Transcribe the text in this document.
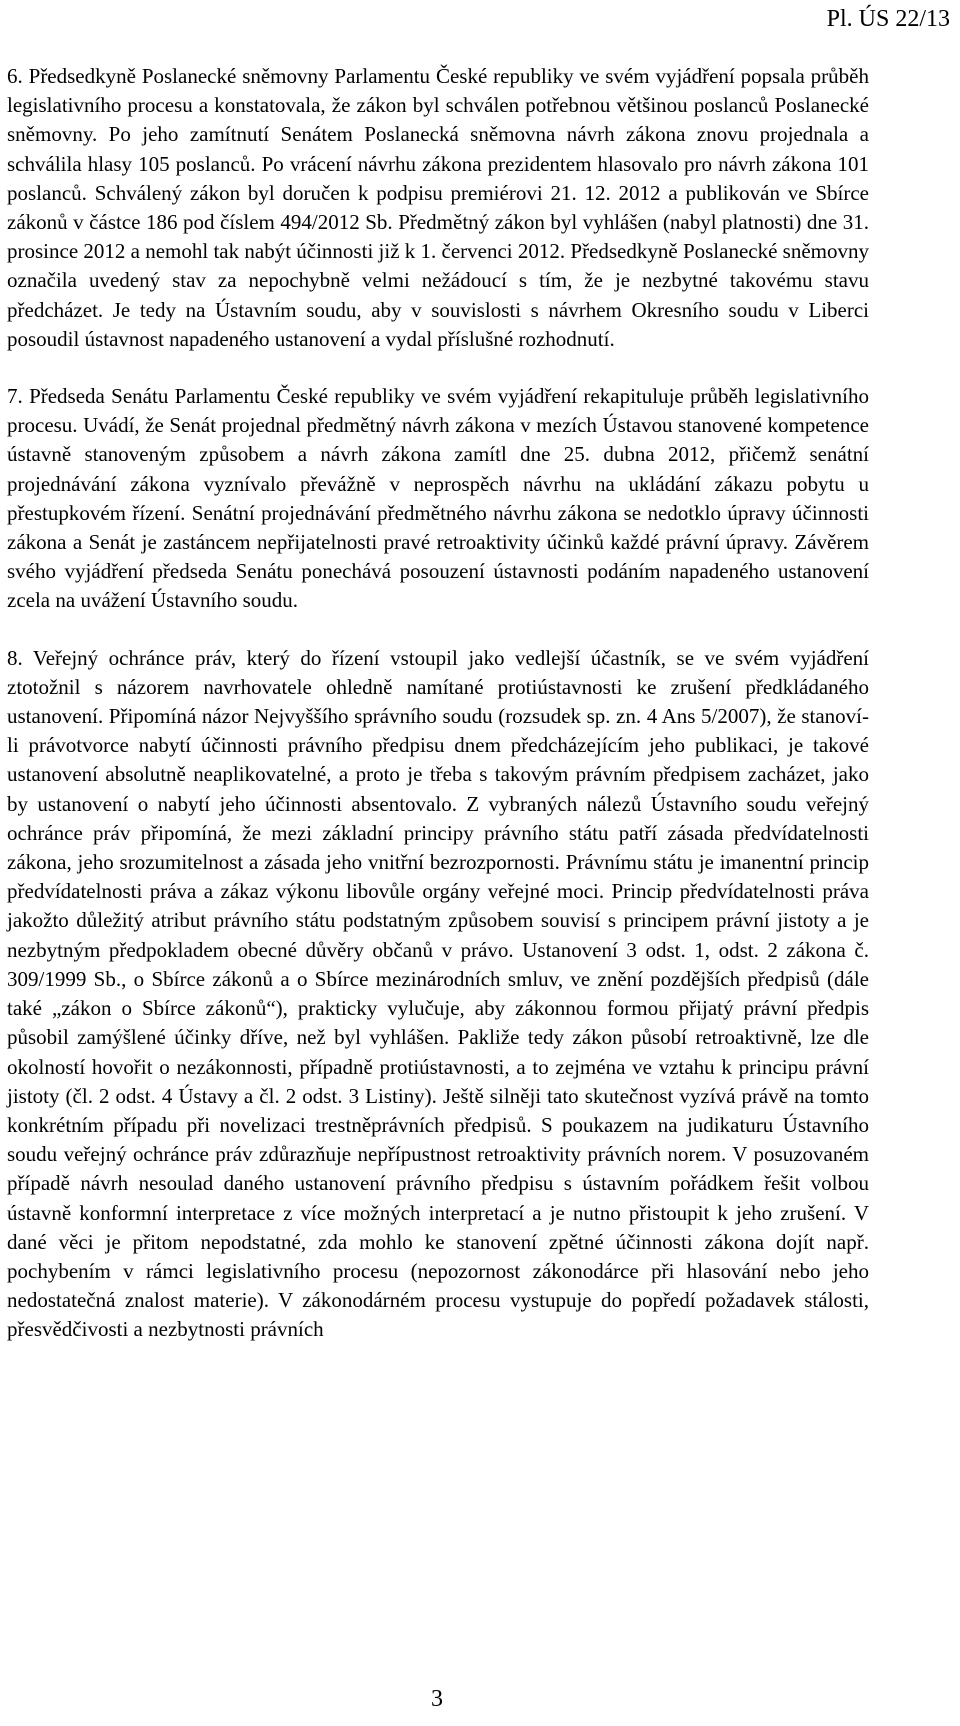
Pl. ÚS 22/13

6. Předsedkyně Poslanecké sněmovny Parlamentu České republiky ve svém vyjádření popsala průběh legislativního procesu a konstatovala, že zákon byl schválen potřebnou většinou poslanců Poslanecké sněmovny. Po jeho zamítnutí Senátem Poslanecká sněmovna návrh zákona znovu projednala a schválila hlasy 105 poslanců. Po vrácení návrhu zákona prezidentem hlasovalo pro návrh zákona 101 poslanců. Schválený zákon byl doručen k podpisu premiérovi 21. 12. 2012 a publikován ve Sbírce zákonů v částce 186 pod číslem 494/2012 Sb. Předmětný zákon byl vyhlášen (nabyl platnosti) dne 31. prosince 2012 a nemohl tak nabýt účinnosti již k 1. červenci 2012. Předsedkyně Poslanecké sněmovny označila uvedený stav za nepochybně velmi nežádoucí s tím, že je nezbytné takovému stavu předcházet. Je tedy na Ústavním soudu, aby v souvislosti s návrhem Okresního soudu v Liberci posoudil ústavnost napadeného ustanovení a vydal příslušné rozhodnutí.

7. Předseda Senátu Parlamentu České republiky ve svém vyjádření rekapituluje průběh legislativního procesu. Uvádí, že Senát projednal předmětný návrh zákona v mezích Ústavou stanovené kompetence ústavně stanoveným způsobem a návrh zákona zamítl dne 25. dubna 2012, přičemž senátní projednávání zákona vyznívalo převážně v neprospěch návrhu na ukládání zákazu pobytu u přestupkovém řízení. Senátní projednávání předmětného návrhu zákona se nedotklo úpravy účinnosti zákona a Senát je zastáncem nepřijatelnosti pravé retroaktivity účinků každé právní úpravy. Závěrem svého vyjádření předseda Senátu ponechává posouzení ústavnosti podáním napadeného ustanovení zcela na uvážení Ústavního soudu.

8. Veřejný ochránce práv, který do řízení vstoupil jako vedlejší účastník, se ve svém vyjádření ztotožnil s názorem navrhovatele ohledně namítané protiústavnosti ke zrušení předkládaného ustanovení. Připomíná názor Nejvyššího správního soudu (rozsudek sp. zn. 4 Ans 5/2007), že stanoví-li právotvorce nabytí účinnosti právního předpisu dnem předcházejícím jeho publikaci, je takové ustanovení absolutně neaplikovatelné, a proto je třeba s takovým právním předpisem zacházet, jako by ustanovení o nabytí jeho účinnosti absentovalo. Z vybraných nálezů Ústavního soudu veřejný ochránce práv připomíná, že mezi základní principy právního státu patří zásada předvídatelnosti zákona, jeho srozumitelnost a zásada jeho vnitřní bezrozpornosti. Právnímu státu je imanentní princip předvídatelnosti práva a zákaz výkonu libovůle orgány veřejné moci. Princip předvídatelnosti práva jakožto důležitý atribut právního státu podstatným způsobem souvisí s principem právní jistoty a je nezbytným předpokladem obecné důvěry občanů v právo. Ustanovení 3 odst. 1, odst. 2 zákona č. 309/1999 Sb., o Sbírce zákonů a o Sbírce mezinárodních smluv, ve znění pozdějších předpisů (dále také „zákon o Sbírce zákonů“), prakticky vylučuje, aby zákonnou formou přijatý právní předpis působil zamýšlené účinky dříve, než byl vyhlášen. Pakliže tedy zákon působí retroaktivně, lze dle okolností hovořit o nezákonnosti, případně protiústavnosti, a to zejména ve vztahu k principu právní jistoty (čl. 2 odst. 4 Ústavy a čl. 2 odst. 3 Listiny). Ještě silněji tato skutečnost vyzívá právě na tomto konkrétním případu při novelizaci trestněprávních předpisů. S poukazem na judikaturu Ústavního soudu veřejný ochránce práv zdůrazňuje nepřípustnost retroaktivity právních norem. V posuzovaném případě návrh nesoulad daného ustanovení právního předpisu s ústavním pořádkem řešit volbou ústavně konformní interpretace z více možných interpretací a je nutno přistoupit k jeho zrušení. V dané věci je přitom nepodstatné, zda mohlo ke stanovení zpětné účinnosti zákona dojít např. pochybením v rámci legislativního procesu (nepozornost zákonodárce při hlasování nebo jeho nedostatečná znalost materie). V zákonodárném procesu vystupuje do popředí požadavek stálosti, přesvědčivosti a nezbytnosti právních

3
